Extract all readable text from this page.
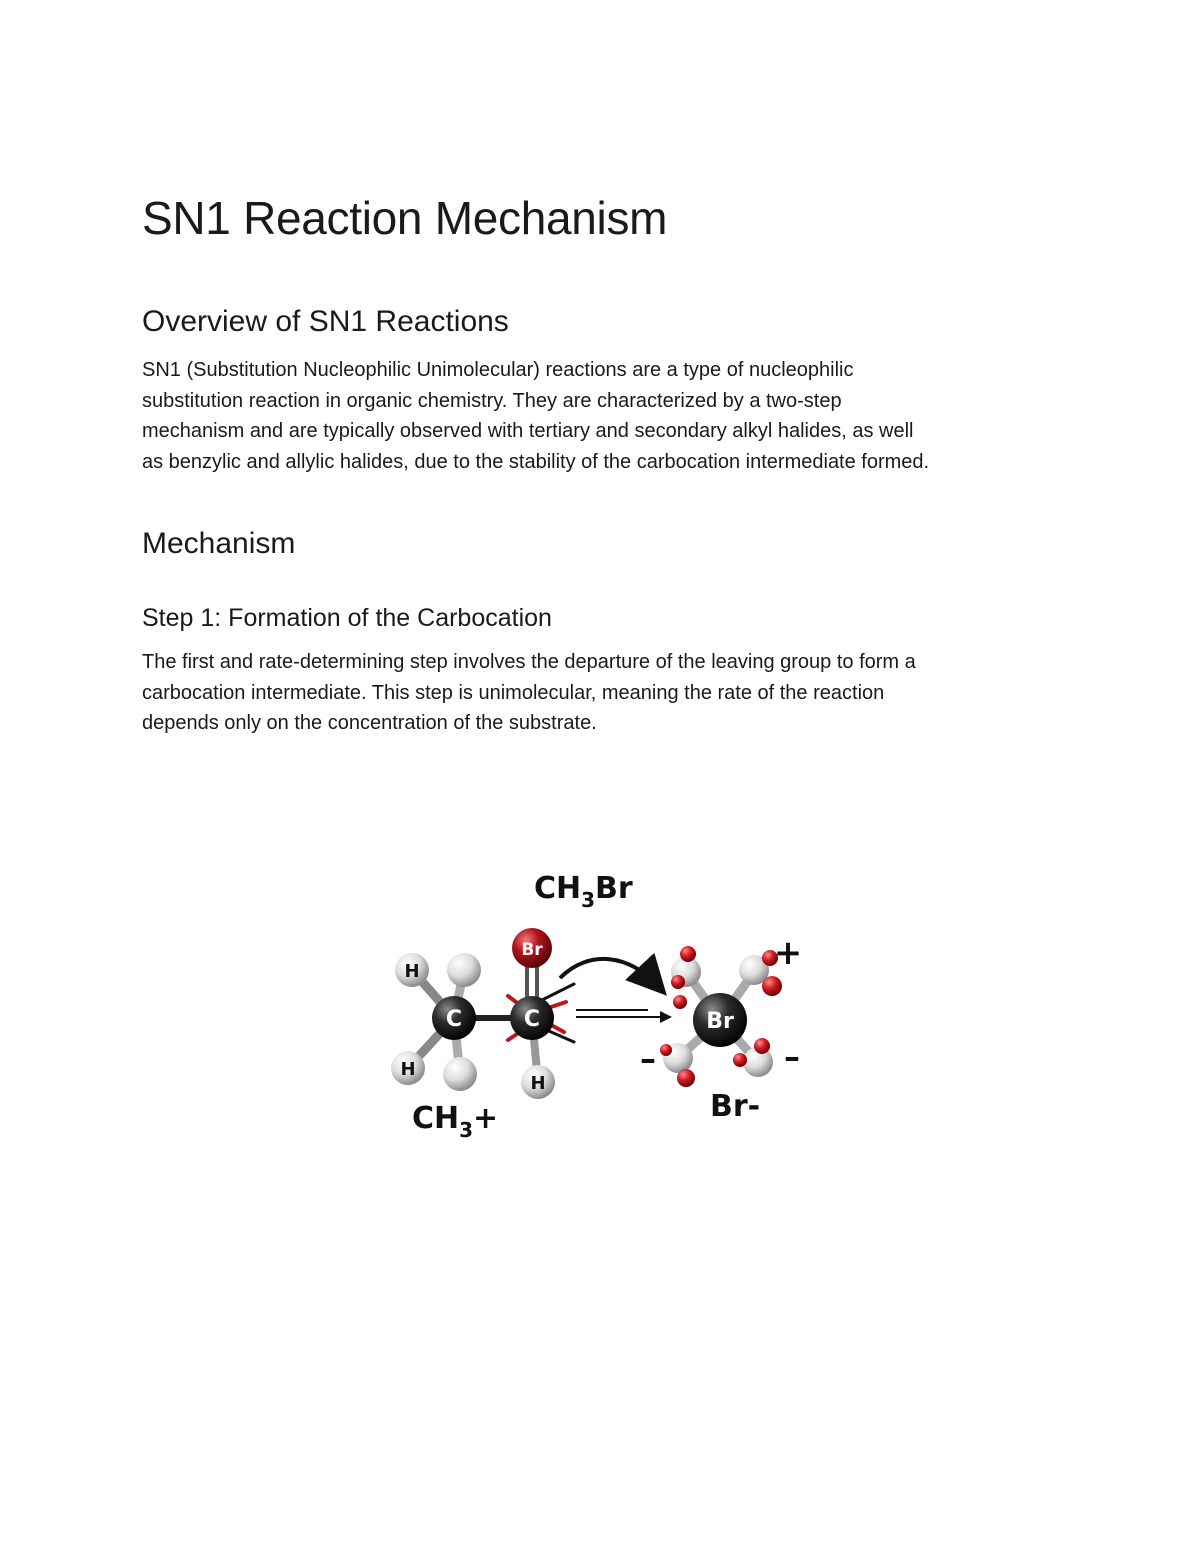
SN1 Reaction Mechanism
Overview of SN1 Reactions

SN1 (Substitution Nucleophilic Unimolecular) reactions are a type of nucleophilic
substitution reaction in organic chemistry. They are characterized by a two-step
mechanism and are typically observed with tertiary and secondary alkyl halides, as well
as benzylic and allylic halides, due to the stability of the carbocation intermediate formed.

Mechanism
Step 1: Formation of the Carbocation

The first and rate-determining step involves the departure of the leaving group to form a
carbocation intermediate. This step is unimolecular, meaning the rate of the reaction
depends only on the concentration of the substrate.

$CH_3Br$
H
H
C
Br
C
H
Br
+
–	–
$CH_3+$	Br-
